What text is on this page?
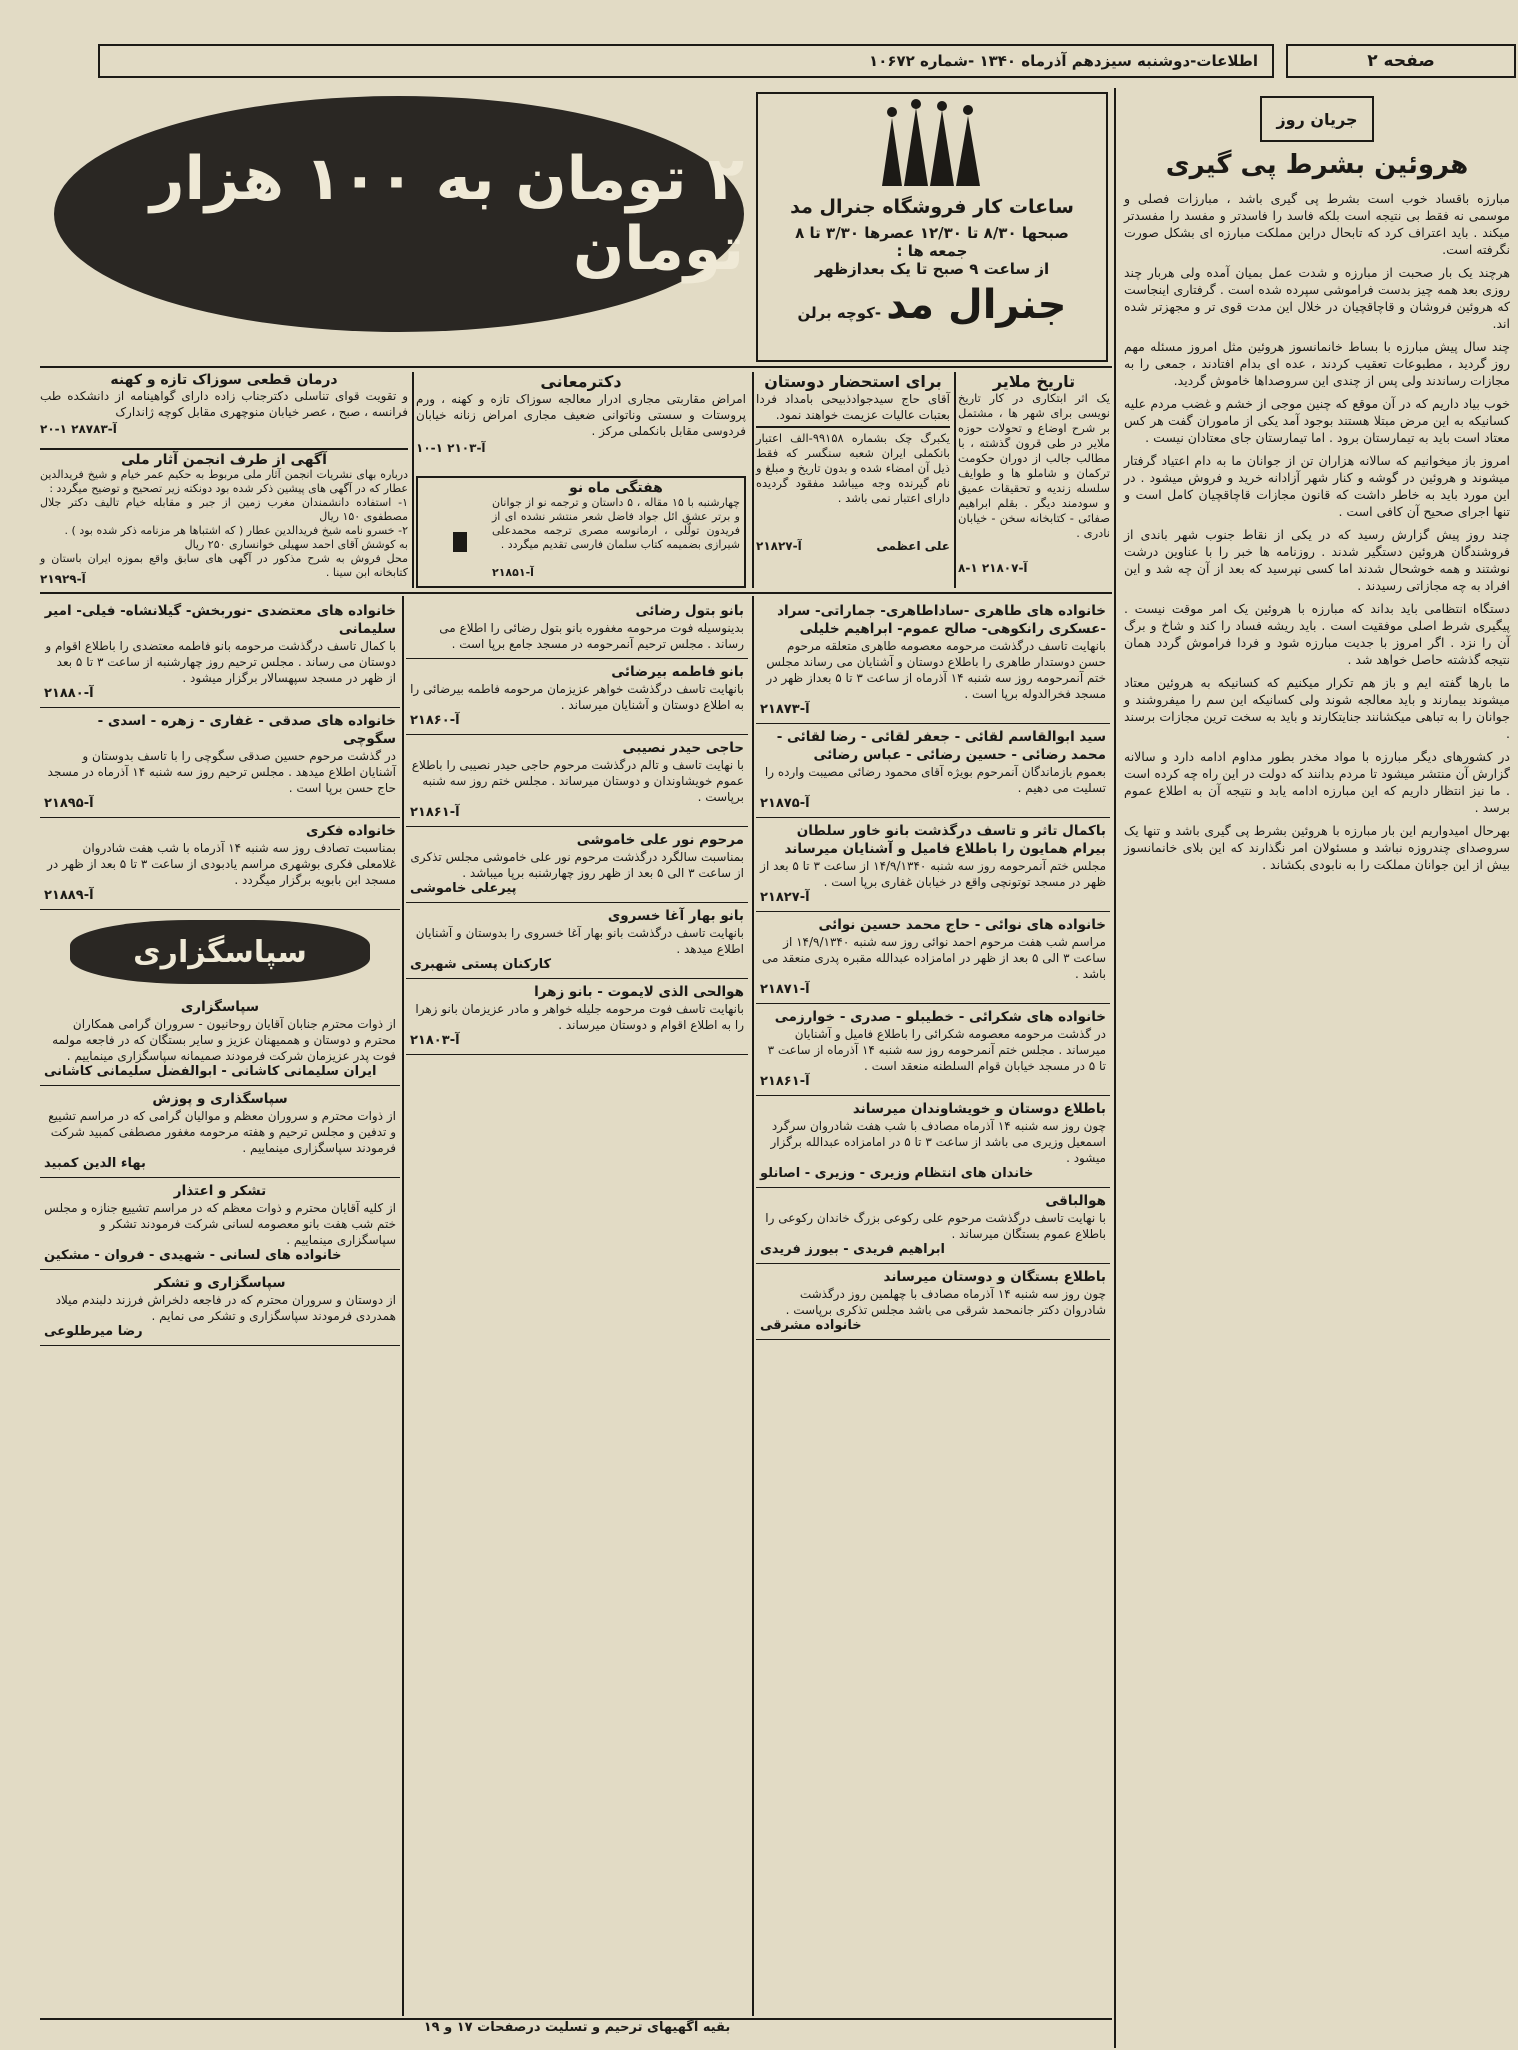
صفحه ۲
اطلاعات-دوشنبه سیزدهم آذرماه ۱۳۴۰ -شماره ۱۰۶۷۲
جریان روز
هروئین بشرط پی گیری

مبارزه باقساد خوب است بشرط پی گیری باشد ، مبارزات فصلی و موسمی نه فقط بی نتیجه است بلکه فاسد را فاسدتر و مفسد را مفسدتر میکند . باید اعتراف کرد که تابحال دراین مملکت مبارزه ای بشکل صورت نگرفته است.

هرچند یک بار صحبت از مبارزه و شدت عمل بمیان آمده ولی هربار چند روزی بعد همه چیز بدست فراموشی سپرده شده است . گرفتاری اینجاست که هروئین فروشان و قاچاقچیان در خلال این مدت قوی تر و مجهزتر شده اند.

چند سال پیش مبارزه با بساط خانمانسوز هروئین مثل امروز مسئله مهم روز گردید ، مطبوعات تعقیب کردند ، عده ای بدام افتادند ، جمعی را به مجازات رساندند ولی پس از چندی این سروصداها خاموش گردید.

خوب بیاد داریم که در آن موقع که چنین موجی از خشم و غضب مردم علیه کسانیکه به این مرض مبتلا هستند بوجود آمد یکی از ماموران گفت هر کس معتاد است باید به تیمارستان برود . اما تیمارستان جای معتادان نیست .

امروز باز میخوانیم که سالانه هزاران تن از جوانان ما به دام اعتیاد گرفتار میشوند و هروئین در گوشه و کنار شهر آزادانه خرید و فروش میشود . در این مورد باید به خاطر داشت که قانون مجازات قاچاقچیان کامل است و تنها اجرای صحیح آن کافی است .

چند روز پیش گزارش رسید که در یکی از نقاط جنوب شهر باندی از فروشندگان هروئین دستگیر شدند . روزنامه ها خبر را با عناوین درشت نوشتند و همه خوشحال شدند اما کسی نپرسید که بعد از آن چه شد و این افراد به چه مجازاتی رسیدند .

دستگاه انتظامی باید بداند که مبارزه با هروئین یک امر موقت نیست . پیگیری شرط اصلی موفقیت است . باید ریشه فساد را کند و شاخ و برگ آن را نزد . اگر امروز با جدیت مبارزه شود و فردا فراموش گردد همان نتیجه گذشته حاصل خواهد شد .

ما بارها گفته ایم و باز هم تکرار میکنیم که کسانیکه به هروئین معتاد میشوند بیمارند و باید معالجه شوند ولی کسانیکه این سم را میفروشند و جوانان را به تباهی میکشانند جنایتکارند و باید به سخت ترین مجازات برسند .

در کشورهای دیگر مبارزه با مواد مخدر بطور مداوم ادامه دارد و سالانه گزارش آن منتشر میشود تا مردم بدانند که دولت در این راه چه کرده است . ما نیز انتظار داریم که این مبارزه ادامه یابد و نتیجه آن به اطلاع عموم برسد .

بهرحال امیدواریم این بار مبارزه با هروئین بشرط پی گیری باشد و تنها یک سروصدای چندروزه نباشد و مسئولان امر نگذارند که این بلای خانمانسوز بیش از این جوانان مملکت را به نابودی بکشاند .

ساعات کار فروشگاه جنرال مد
صبحها ۸/۳۰ تا ۱۲/۳۰ عصرها ۳/۳۰ تا ۸
جمعه ها :
از ساعت ۹ صبح تا یک بعدازظهر
جنرال مد -کوچه برلن
۲ تومان به ۱۰۰ هزار تومان
تاریخ ملایر
یک اثر ابتکاری در کار تاریخ نویسی برای شهر ها ، مشتمل بر شرح اوضاع و تحولات حوزه ملایر در طی قرون گذشته ، با مطالب جالب از دوران حکومت ترکمان و شاملو ها و طوایف سلسله زندیه و تحقیقات عمیق و سودمند دیگر . بقلم ابراهیم صفائی - کتابخانه سخن - خیابان نادری .
آ-۲۱۸۰۷ ۱-۸
برای استحضار دوستان
آقای حاج سیدجوادذبیحی بامداد فردا بعتبات عالیات عزیمت خواهند نمود.
یکبرگ چک بشماره ۹۹۱۵۸-الف اعتبار بانکملی ایران شعبه سنگسر که فقط ذیل آن امضاء شده و بدون تاریخ و مبلغ و نام گیرنده وجه میباشد مفقود گردیده دارای اعتبار نمی باشد .
علی اعظمی
آ-۲۱۸۲۷
دکترمعانی
امراض مقاربتی مجاری ادرار معالجه سوزاک تازه و کهنه ، ورم پروستات و سستی وناتوانی ضعیف مجاری امراض زنانه خیابان فردوسی مقابل بانکملی مرکز .
آ-۲۱۰۳ ۱-۱۰
هفتگی ماه نو
چهارشنبه با ۱۵ مقاله ، ۵ داستان و ترجمه نو از جوانان و برتر عشق ائل جواد فاضل شعر منتشر نشده ای از فریدون تولّلی ، ارمانوسه مصری ترجمه محمدعلی شیرازی بضمیمه کتاب سلمان فارسی تقدیم میگردد .
آ-۲۱۸۵۱
درمان قطعی سوزاک تازه و کهنه
و تقویت قوای تناسلی دکترجناب زاده دارای گواهینامه از دانشکده طب فرانسه ، صبح ، عصر خیابان منوچهری مقابل کوچه ژاندارک
آ-۲۸۷۸۳ ۱-۲۰
آگهی از طرف انجمن آثار ملی
درباره بهای نشریات انجمن آثار ملی مربوط به حکیم عمر خیام و شیخ فریدالدین عطار که در آگهی های پیشین ذکر شده بود دونکته زیر تصحیح و توضیح میگردد :
۱- استفاده دانشمندان مغرب زمین از جبر و مقابله خیام تالیف دکتر جلال مصطفوی ۱۵۰ ریال
۲- خسرو نامه شیخ فریدالدین عطار ( که اشتباها هر مزنامه ذکر شده بود ) .
به کوشش آقای احمد سهیلی خوانساری ۲۵۰ ریال
محل فروش به شرح مذکور در آگهی های سابق واقع بموزه ایران باستان و کتابخانه ابن سینا .
آ-۲۱۹۲۹
خانواده های طاهری -ساداطاهری- جماراتی- سراد -عسکری رانکوهی- صالح عموم- ابراهیم خلیلی
بانهایت تاسف درگذشت مرحومه معصومه طاهری متعلقه مرحوم حسن دوستدار طاهری را باطلاع دوستان و آشنایان می رساند مجلس ختم آنمرحومه روز سه شنبه ۱۴ آذرماه از ساعت ۳ تا ۵ بعداز ظهر در مسجد فخرالدوله برپا است .
آ-۲۱۸۷۳
سید ابوالقاسم لقائی - جعفر لقائی - رضا لقائی - محمد رضائی - حسین رضائی - عباس رضائی
بعموم بازماندگان آنمرحوم بویژه آقای محمود رضائی مصیبت وارده را تسلیت می دهیم .
آ-۲۱۸۷۵
باکمال تاثر و تاسف درگذشت بانو خاور سلطان بیرام همایون را باطلاع فامیل و آشنایان میرساند
مجلس ختم آنمرحومه روز سه شنبه ۱۴/۹/۱۳۴۰ از ساعت ۳ تا ۵ بعد از ظهر در مسجد توتونچی واقع در خیابان غفاری برپا است .
آ-۲۱۸۲۷
خانواده های نوائی - حاج محمد حسین نوائی
مراسم شب هفت مرحوم احمد نوائی روز سه شنبه ۱۴/۹/۱۳۴۰ از ساعت ۳ الی ۵ بعد از ظهر در امامزاده عبدالله مقبره پدری منعقد می باشد .
آ-۲۱۸۷۱
خانواده های شکرائی - خطیبلو - صدری - خوارزمی
در گذشت مرحومه معصومه شکرائی را باطلاع فامیل و آشنایان میرساند . مجلس ختم آنمرحومه روز سه شنبه ۱۴ آذرماه از ساعت ۳ تا ۵ در مسجد خیابان قوام السلطنه منعقد است .
آ-۲۱۸۶۱
باطلاع دوستان و خویشاوندان میرساند
چون روز سه شنبه ۱۴ آذرماه مصادف با شب هفت شادروان سرگرد اسمعیل وزیری می باشد از ساعت ۳ تا ۵ در امامزاده عبدالله برگزار میشود .
خاندان های انتظام وزیری - وزیری - اصانلو
هوالباقی
با نهایت تاسف درگذشت مرحوم علی رکوعی بزرگ خاندان رکوعی را باطلاع عموم بستگان میرساند .
ابراهیم فریدی - بیورز فریدی
باطلاع بستگان و دوستان میرساند
چون روز سه شنبه ۱۴ آذرماه مصادف با چهلمین روز درگذشت شادروان دکتر جانمحمد شرقی می باشد مجلس تذکری برپاست .
خانواده مشرقی
بانو بتول رضائی
بدینوسیله فوت مرحومه مغفوره بانو بتول رضائی را اطلاع می رساند . مجلس ترحیم آنمرحومه در مسجد جامع برپا است .
بانو فاطمه بیرضائی
بانهایت تاسف درگذشت خواهر عزیزمان مرحومه فاطمه بیرضائی را به اطلاع دوستان و آشنایان میرساند .
آ-۲۱۸۶۰
حاجی حیدر نصیبی
با نهایت تاسف و تالم درگذشت مرحوم حاجی حیدر نصیبی را باطلاع عموم خویشاوندان و دوستان میرساند . مجلس ختم روز سه شنبه برپاست .
آ-۲۱۸۶۱
مرحوم نور علی خاموشی
بمناسبت سالگرد درگذشت مرحوم نور علی خاموشی مجلس تذکری از ساعت ۳ الی ۵ بعد از ظهر روز چهارشنبه برپا میباشد .
پیرعلی خاموشی
بانو بهار آغا خسروی
بانهایت تاسف درگذشت بانو بهار آغا خسروی را بدوستان و آشنایان اطلاع میدهد .
کارکنان پستی شهبری
هوالحی الذی لایموت - بانو زهرا
بانهایت تاسف فوت مرحومه جلیله خواهر و مادر عزیزمان بانو زهرا را به اطلاع اقوام و دوستان میرساند .
آ-۲۱۸۰۳
خانواده های معتضدی -نوربخش- گیلانشاه- فیلی- امیر سلیمانی
با کمال تاسف درگذشت مرحومه بانو فاطمه معتضدی را باطلاع اقوام و دوستان می رساند . مجلس ترحیم روز چهارشنبه از ساعت ۳ تا ۵ بعد از ظهر در مسجد سپهسالار برگزار میشود .
آ-۲۱۸۸۰
خانواده های صدقی - غفاری - زهره - اسدی - سگوچی
در گذشت مرحوم حسین صدقی سگوچی را با تاسف بدوستان و آشنایان اطلاع میدهد . مجلس ترحیم روز سه شنبه ۱۴ آذرماه در مسجد حاج حسن برپا است .
آ-۲۱۸۹۵
خانواده فکری
بمناسبت تصادف روز سه شنبه ۱۴ آذرماه با شب هفت شادروان غلامعلی فکری بوشهری مراسم یادبودی از ساعت ۳ تا ۵ بعد از ظهر در مسجد ابن بابویه برگزار میگردد .
آ-۲۱۸۸۹
سپاسگزاری
سپاسگزاری
از ذوات محترم جنابان آقایان روحانیون - سروران گرامی همکاران محترم و دوستان و هممیهنان عزیز و سایر بستگان که در فاجعه مولمه فوت پدر عزیزمان شرکت فرمودند صمیمانه سپاسگزاری مینماییم .
ایران سلیمانی کاشانی - ابوالفضل سلیمانی کاشانی
سپاسگذاری و پوزش
از ذوات محترم و سروران معظم و موالیان گرامی که در مراسم تشییع و تدفین و مجلس ترحیم و هفته مرحومه مغفور مصطفی کمبید شرکت فرمودند سپاسگزاری مینماییم .
بهاء الدین کمبید
تشکر و اعتذار
از کلیه آقایان محترم و ذوات معظم که در مراسم تشییع جنازه و مجلس ختم شب هفت بانو معصومه لسانی شرکت فرمودند تشکر و سپاسگزاری مینماییم .
خانواده های لسانی - شهیدی - فروان - مشکین
سپاسگزاری و تشکر
از دوستان و سروران محترم که در فاجعه دلخراش فرزند دلبندم میلاد همدردی فرمودند سپاسگزاری و تشکر می نمایم .
رضا میرطلوعی
بقیه آگهیهای ترحیم و تسلیت درصفحات ۱۷ و ۱۹
